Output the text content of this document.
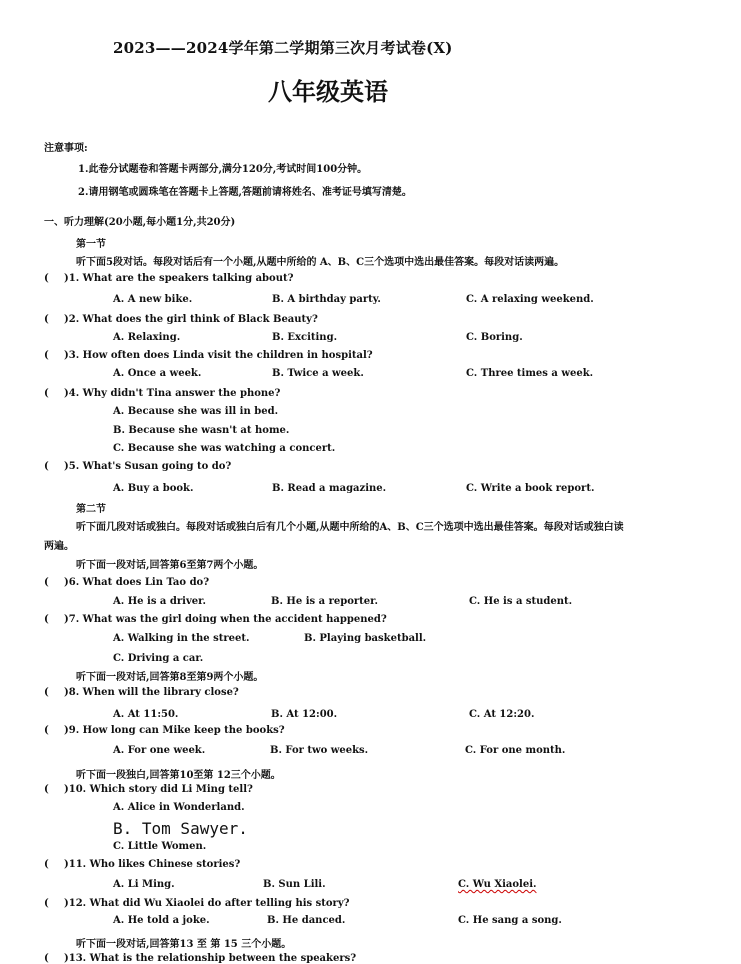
2023——2024学年第二学期第三次月考试卷(X)
八年级英语
注意事项:
1.此卷分试题卷和答题卡两部分,满分120分,考试时间100分钟。
2.请用钢笔或圆珠笔在答题卡上答题,答题前请将姓名、准考证号填写清楚。
一、听力理解(20小题,每小题1分,共20分)
第一节
听下面5段对话。每段对话后有一个小题,从题中所给的 A、B、C三个选项中选出最佳答案。每段对话读两遍。
( )1. What are the speakers talking about?
A. A new bike.	B. A birthday party.	C. A relaxing weekend.
( )2. What does the girl think of Black Beauty?
A. Relaxing.	B. Exciting.	C. Boring.
( )3. How often does Linda visit the children in hospital?
A. Once a week.	B. Twice a week.	C. Three times a week.
( )4. Why didn't Tina answer the phone?
A. Because she was ill in bed.
B. Because she wasn't at home.
C. Because she was watching a concert.
( )5. What's Susan going to do?
A. Buy a book.	B. Read a magazine.	C. Write a book report.
第二节
听下面几段对话或独白。每段对话或独白后有几个小题,从题中所给的A、B、C三个选项中选出最佳答案。每段对话或独白读
两遍。
听下面一段对话,回答第6至第7两个小题。
( )6. What does Lin Tao do?
A. He is a driver.	B. He is a reporter.	C. He is a student.
( )7. What was the girl doing when the accident happened?
A. Walking in the street.	B. Playing basketball.
C. Driving a car.
听下面一段对话,回答第8至第9两个小题。
( )8. When will the library close?
A. At 11:50.	B. At 12:00.	C. At 12:20.
( )9. How long can Mike keep the books?
A. For one week.	B. For two weeks.	C. For one month.
听下面一段独白,回答第10至第 12三个小题。
( )10. Which story did Li Ming tell?
A. Alice in Wonderland.
B. Tom Sawyer.
C. Little Women.
( )11. Who likes Chinese stories?
A. Li Ming.	B. Sun Lili.	C. Wu Xiaolei.
( )12. What did Wu Xiaolei do after telling his story?
A. He told a joke.	B. He danced.	C. He sang a song.
听下面一段对话,回答第13 至 第 15 三个小题。
( )13. What is the relationship between the speakers?
